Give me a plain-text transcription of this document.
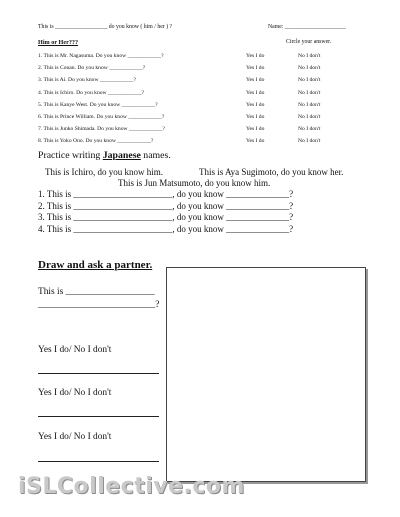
This is __________________ do you know ( him / her ) ?	Name: _____________________
Him or Her???	Circle your answer.
1. This is Mr. Nagasuma. Do you know ____________?	Yes I do	No I don't
2. This is Conan. Do you know ____________?	Yes I do	No I don't
3. This is Ai. Do you know ____________?	Yes I do	No I don't
4. This is Ichiro. Do you know ____________?	Yes I do	No I don't
5. This is Kanye West. Do you know ____________?	Yes I do	No I don't
6. This is Prince William. Do you know ____________?	Yes I do	No I don't
7. This is Junko Shimada. Do you know ____________?	Yes I do	No I don't
8. This is Yoko Ono. Do you know ____________?	Yes I do	No I don't
Practice writing Japanese names.
This is Ichiro, do you know him.	This is Aya Sugimoto, do you know her.
This is Jun Matsumoto, do you know him.
1. This is ______________________, do you know ______________?
2. This is ______________________, do you know ______________?
3. This is ______________________, do you know ______________?
4. This is ______________________, do you know ______________?
Draw and ask a partner.
This is ___________________
_________________________?
Yes I do/ No I don't
Yes I do/ No I don't
Yes I do/ No I don't
iSLCollective.com
